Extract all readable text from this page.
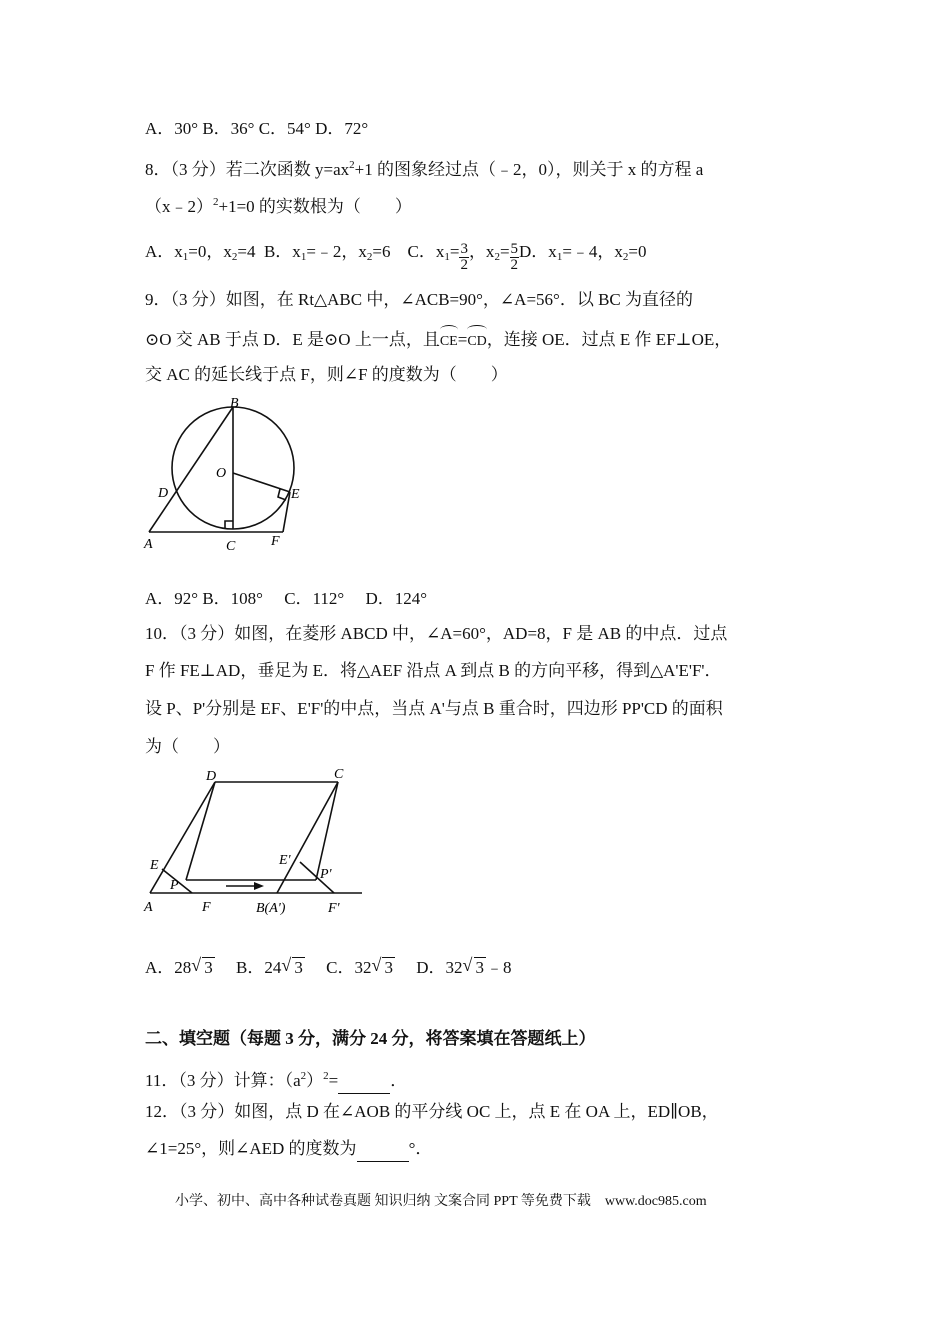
A．30° B．36° C．54° D．72°
8．（3 分）若二次函数 $y=ax^2+1$ 的图象经过点（﹣2，0），则关于 x 的方程 a
（x﹣2）$^2$+1=0 的实数根为（　　）
A．$x_1=0$，$x_2=4$ B．$x_1=﹣2$，$x_2=6$ C．$x_1= \frac{3}{2}$ ，$x_2= \frac{5}{2}$ D．$x_1=﹣4$，$x_2=0$
9．（3 分）如图，在 Rt△ABC 中，∠ACB=90°，∠A=56°．以 BC 为直径的
⊙O 交 AB 于点 D．E 是⊙O 上一点，且CE=CD，连接 OE．过点 E 作 EF⊥OE，
交 AC 的延长线于点 F，则∠F 的度数为（　　）
B
O
D	E
A	C	F
A．92° B．108°　 C．112°　 D．124°
10．（3 分）如图，在菱形 ABCD 中，∠A=60°，AD=8，F 是 AB 的中点．过点
F 作 FE⊥AD，垂足为 E．将△AEF 沿点 A 到点 B 的方向平移，得到△A'E'F'．
设 P、P'分别是 EF、E'F'的中点，当点 A'与点 B 重合时，四边形 PP'CD 的面积
为（　　）
D	C
E	E'
P
P'
A	F	B(A')	F'
A．28 √ 3 B．24 √ 3 C．32 √ 3 D．32 √ 3 ﹣8
二、填空题（每题 3 分，满分 24 分，将答案填在答题纸上）
11．（3 分）计算：$(a^2)^2=$	．
12．（3 分）如图，点 D 在∠AOB 的平分线 OC 上，点 E 在 OA 上，ED∥OB，
∠1=25°，则∠AED 的度数为	°．
小学、初中、高中各种试卷真题 知识归纳 文案合同 PPT 等免费下载　www.doc985.com
